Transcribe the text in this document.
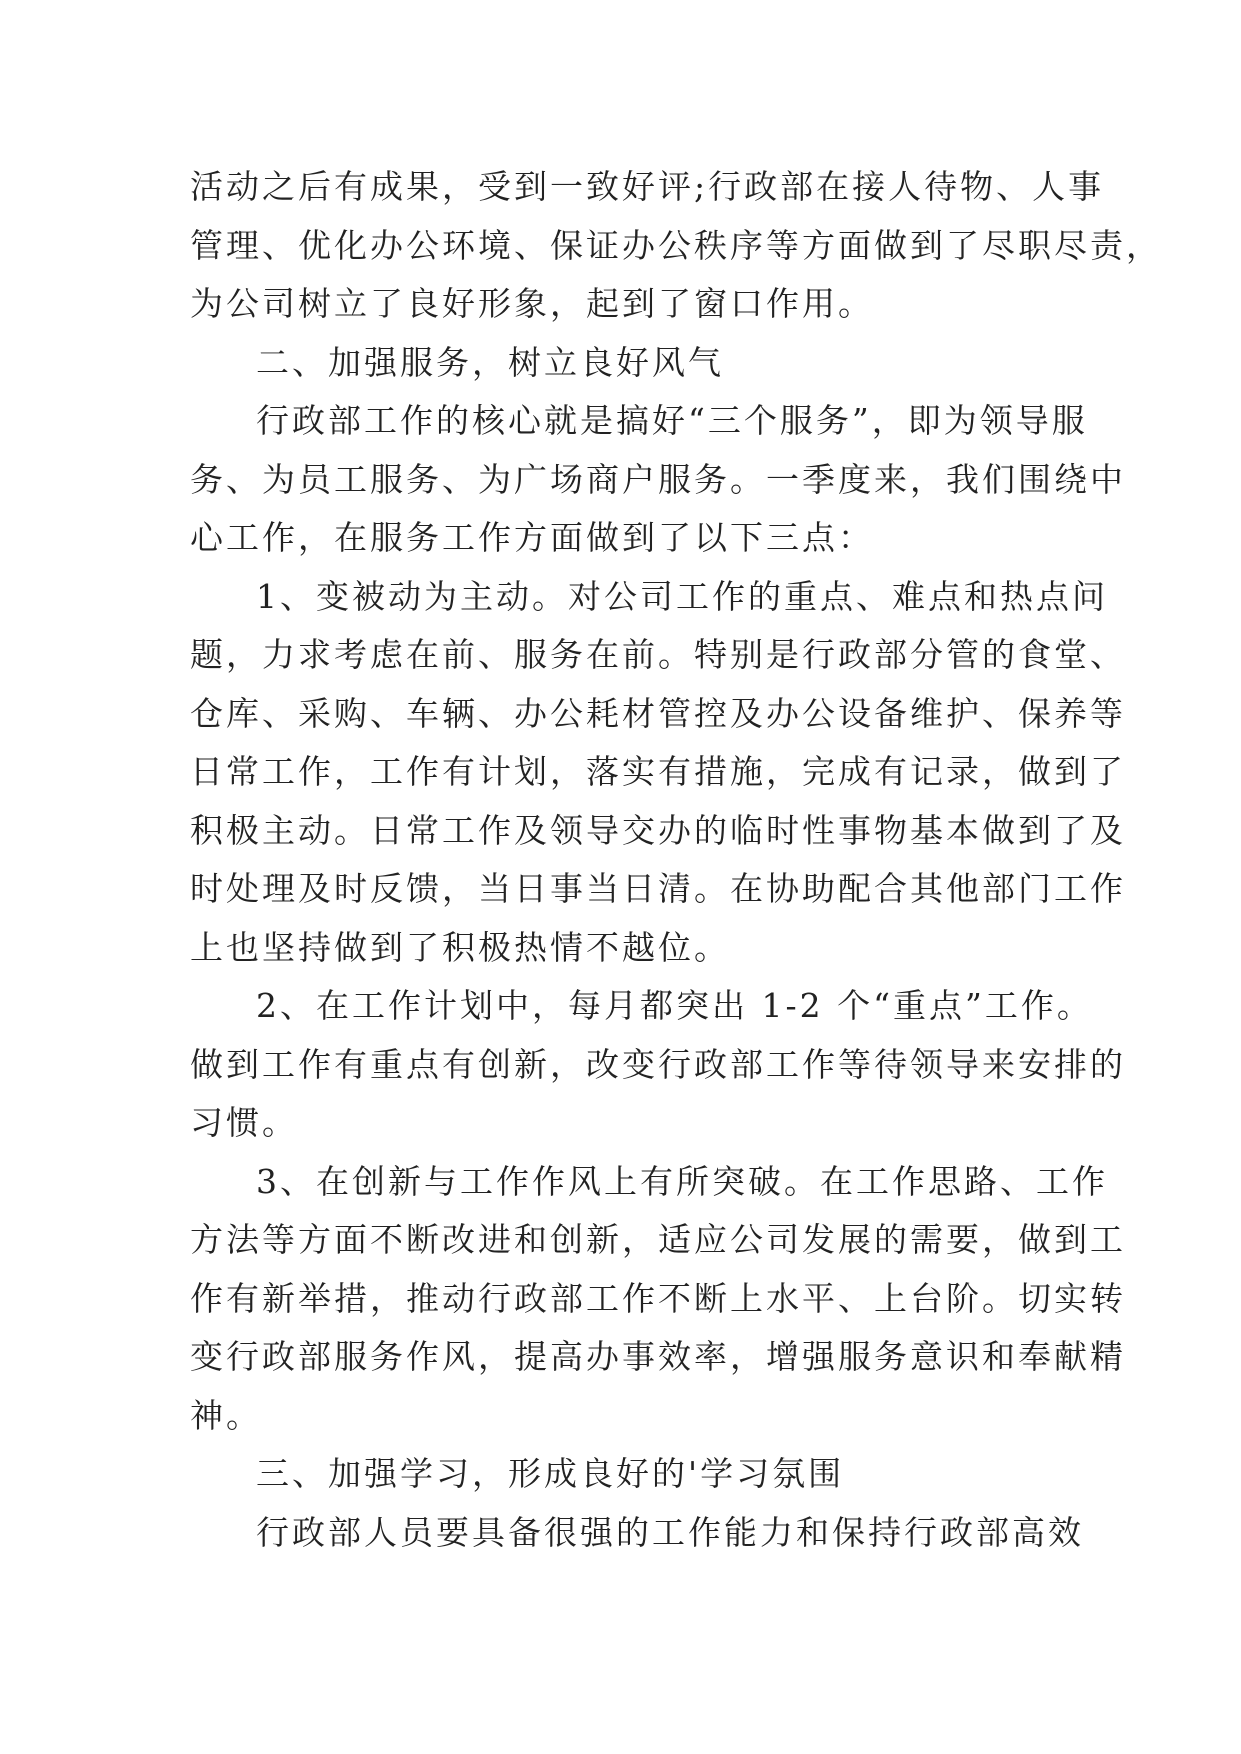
活动之后有成果，受到一致好评;行政部在接人待物、人事
管理、优化办公环境、保证办公秩序等方面做到了尽职尽责，
为公司树立了良好形象，起到了窗口作用。
二、加强服务，树立良好风气
行政部工作的核心就是搞好“三个服务”，即为领导服
务、为员工服务、为广场商户服务。一季度来，我们围绕中
心工作，在服务工作方面做到了以下三点：
1、变被动为主动。对公司工作的重点、难点和热点问
题，力求考虑在前、服务在前。特别是行政部分管的食堂、
仓库、采购、车辆、办公耗材管控及办公设备维护、保养等
日常工作，工作有计划，落实有措施，完成有记录，做到了
积极主动。日常工作及领导交办的临时性事物基本做到了及
时处理及时反馈，当日事当日清。在协助配合其他部门工作
上也坚持做到了积极热情不越位。
2、在工作计划中，每月都突出 1-2 个“重点”工作。
做到工作有重点有创新，改变行政部工作等待领导来安排的
习惯。
3、在创新与工作作风上有所突破。在工作思路、工作
方法等方面不断改进和创新，适应公司发展的需要，做到工
作有新举措，推动行政部工作不断上水平、上台阶。切实转
变行政部服务作风，提高办事效率，增强服务意识和奉献精
神。
三、加强学习，形成良好的'学习氛围
行政部人员要具备很强的工作能力和保持行政部高效
